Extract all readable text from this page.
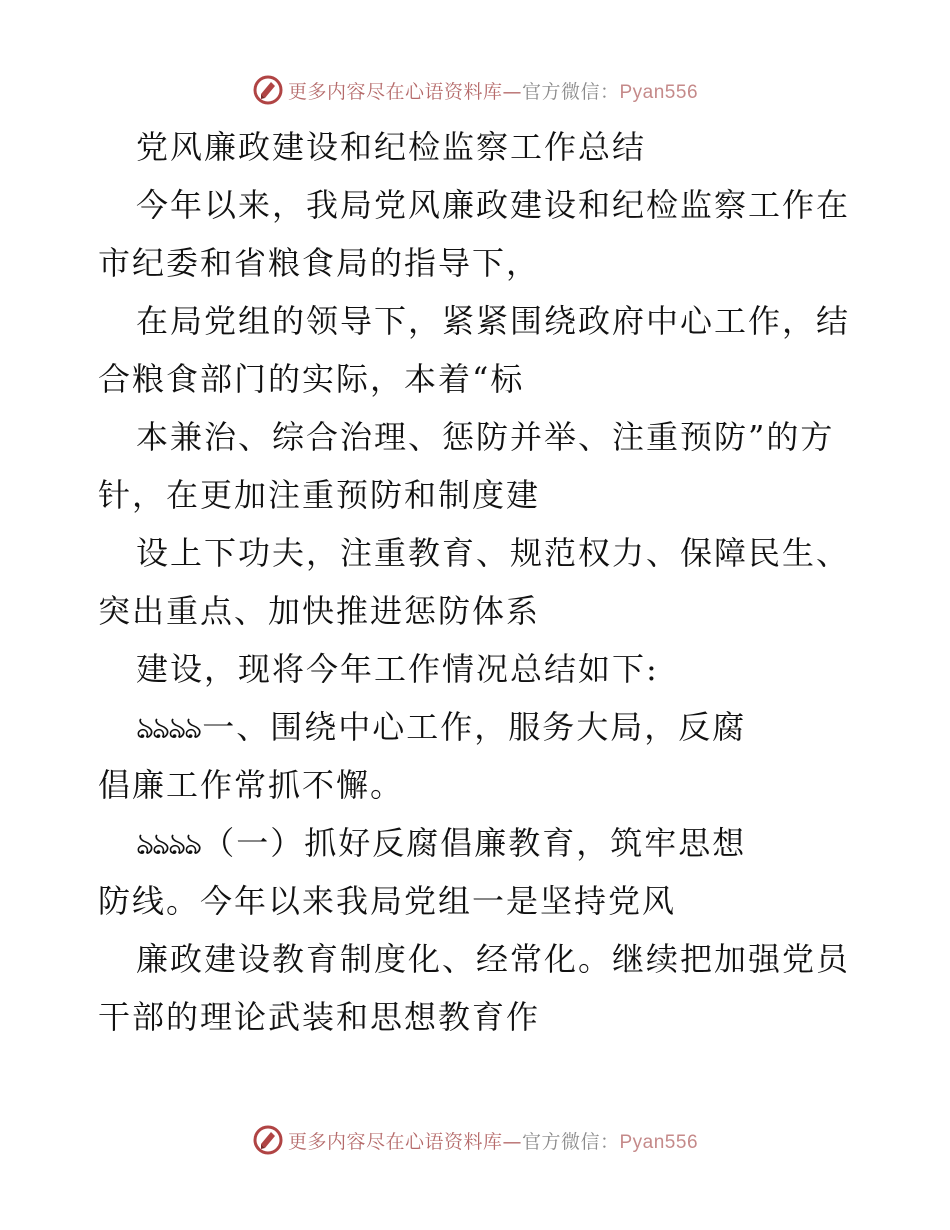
更多内容尽在心语资料库—官方微信：Pyan556
党风廉政建设和纪检监察工作总结
今年以来，我局党风廉政建设和纪检监察工作在
市纪委和省粮食局的指导下，
在局党组的领导下，紧紧围绕政府中心工作，结
合粮食部门的实际，本着“标
本兼治、综合治理、惩防并举、注重预防”的方
针，在更加注重预防和制度建
设上下功夫，注重教育、规范权力、保障民生、
突出重点、加快推进惩防体系
建设，现将今年工作情况总结如下:
ঌঌঌঌ一、围绕中心工作，服务大局，反腐
倡廉工作常抓不懈。
ঌঌঌঌ（一）抓好反腐倡廉教育，筑牢思想
防线。今年以来我局党组一是坚持党风
廉政建设教育制度化、经常化。继续把加强党员
干部的理论武装和思想教育作
更多内容尽在心语资料库—官方微信：Pyan556
